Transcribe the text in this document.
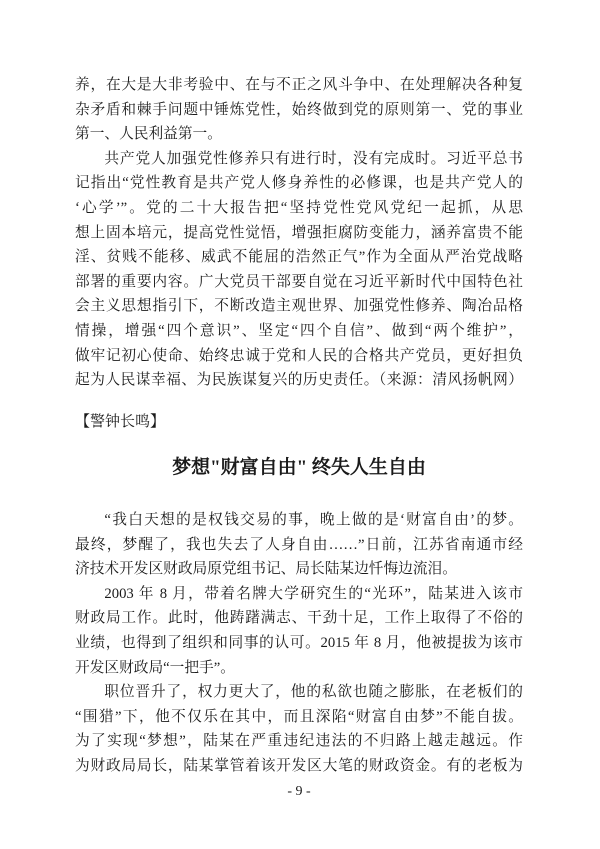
养，在大是大非考验中、在与不正之风斗争中、在处理解决各种复
杂矛盾和棘手问题中锤炼党性，始终做到党的原则第一、党的事业
第一、人民利益第一。
共产党人加强党性修养只有进行时，没有完成时。习近平总书
记指出“党性教育是共产党人修身养性的必修课，也是共产党人的
‘心学’”。党的二十大报告把“坚持党性党风党纪一起抓，从思
想上固本培元，提高党性觉悟，增强拒腐防变能力，涵养富贵不能
淫、贫贱不能移、威武不能屈的浩然正气”作为全面从严治党战略
部署的重要内容。广大党员干部要自觉在习近平新时代中国特色社
会主义思想指引下，不断改造主观世界、加强党性修养、陶冶品格
情操，增强“四个意识”、坚定“四个自信”、做到“两个维护”，
做牢记初心使命、始终忠诚于党和人民的合格共产党员，更好担负
起为人民谋幸福、为民族谋复兴的历史责任。（来源：清风扬帆网）
【警钟长鸣】
梦想"财富自由" 终失人生自由
“我白天想的是权钱交易的事，晚上做的是‘财富自由’的梦。
最终，梦醒了，我也失去了人身自由……”日前，江苏省南通市经
济技术开发区财政局原党组书记、局长陆某边忏悔边流泪。
2003 年 8 月，带着名牌大学研究生的“光环”，陆某进入该市
财政局工作。此时，他踌躇满志、干劲十足，工作上取得了不俗的
业绩，也得到了组织和同事的认可。2015 年 8 月，他被提拔为该市
开发区财政局“一把手”。
职位晋升了，权力更大了，他的私欲也随之膨胀，在老板们的
“围猎”下，他不仅乐在其中，而且深陷“财富自由梦”不能自拔。
为了实现“梦想”，陆某在严重违纪违法的不归路上越走越远。作
为财政局局长，陆某掌管着该开发区大笔的财政资金。有的老板为
- 9 -
